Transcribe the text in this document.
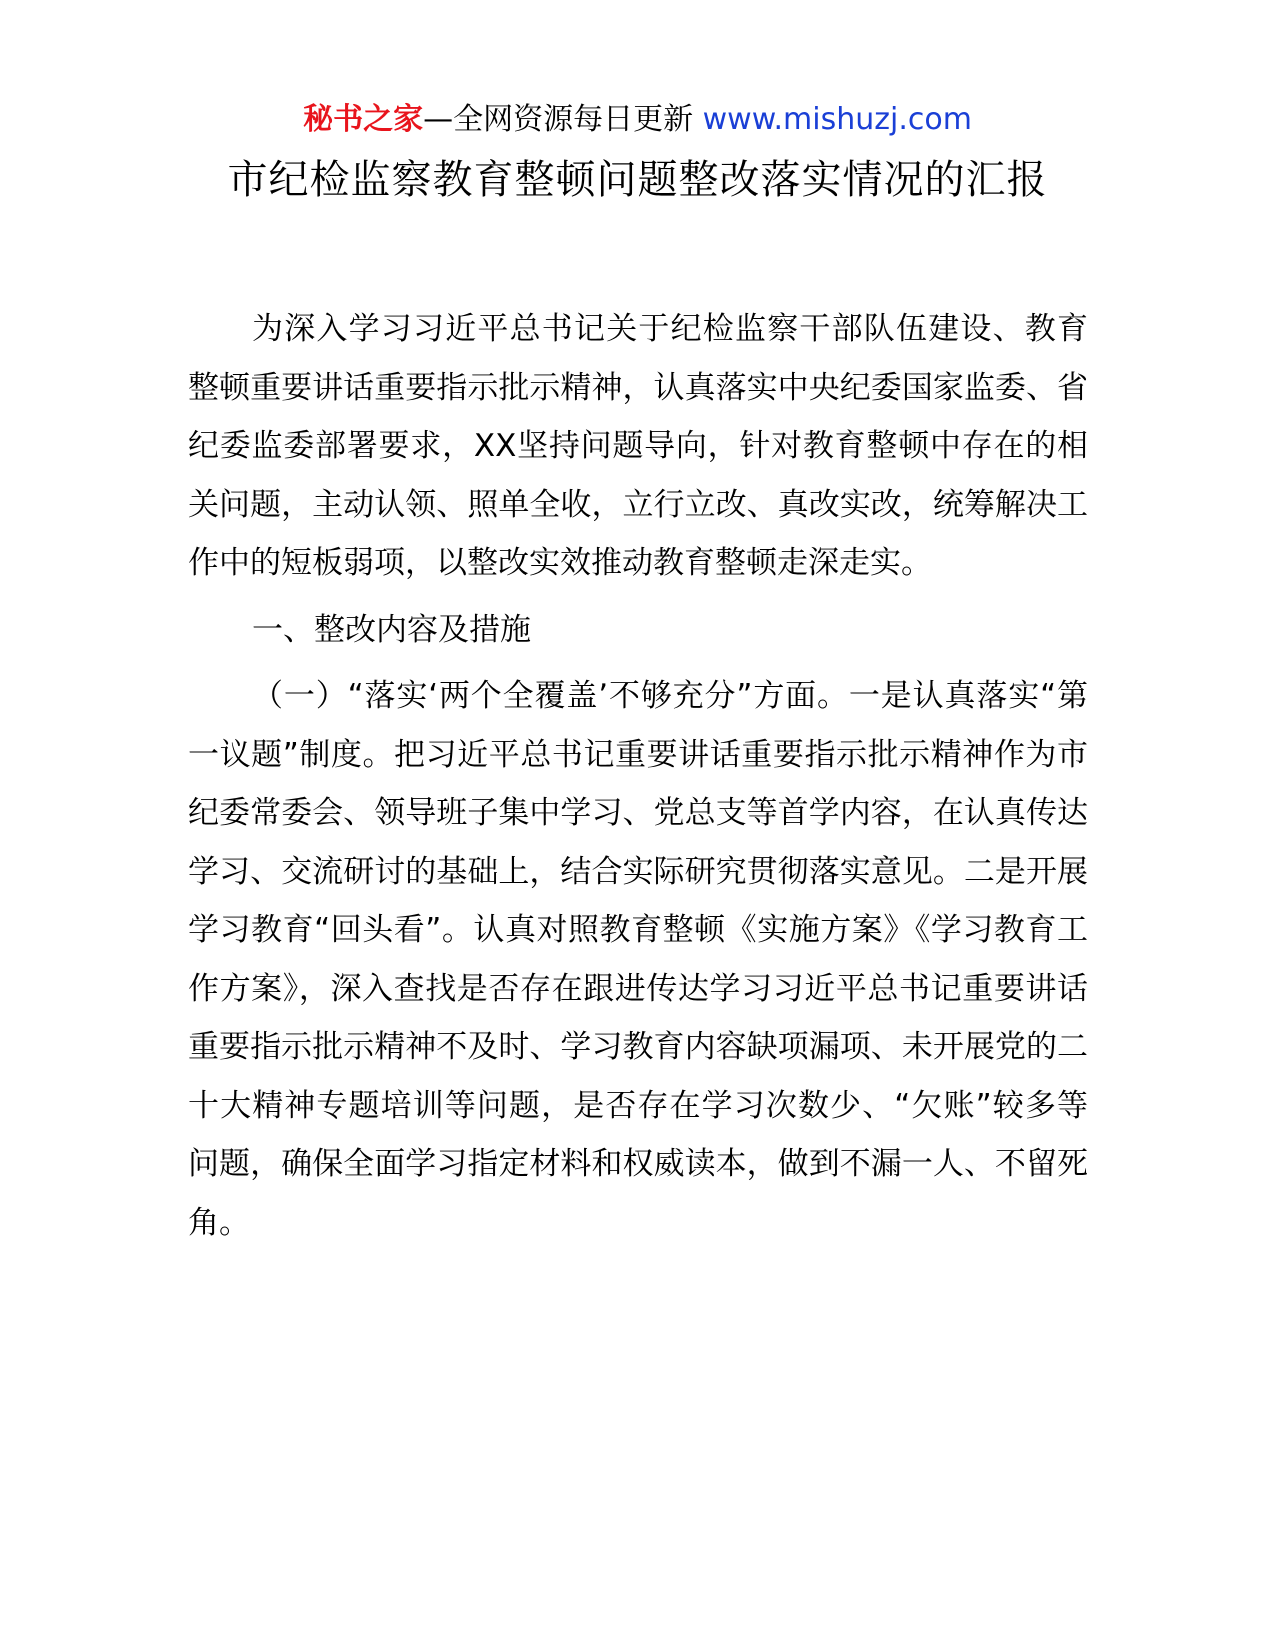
秘书之家—全网资源每日更新 www.mishuzj.com
市纪检监察教育整顿问题整改落实情况的汇报

为深入学习习近平总书记关于纪检监察干部队伍建设、教育整顿重要讲话重要指示批示精神，认真落实中央纪委国家监委、省纪委监委部署要求，XX坚持问题导向，针对教育整顿中存在的相关问题，主动认领、照单全收，立行立改、真改实改，统筹解决工作中的短板弱项，以整改实效推动教育整顿走深走实。

一、整改内容及措施

（一）“落实‘两个全覆盖’不够充分”方面。一是认真落实“第一议题”制度。把习近平总书记重要讲话重要指示批示精神作为市纪委常委会、领导班子集中学习、党总支等首学内容，在认真传达学习、交流研讨的基础上，结合实际研究贯彻落实意见。二是开展学习教育“回头看”。认真对照教育整顿《实施方案》《学习教育工作方案》，深入查找是否存在跟进传达学习习近平总书记重要讲话重要指示批示精神不及时、学习教育内容缺项漏项、未开展党的二十大精神专题培训等问题，是否存在学习次数少、“欠账”较多等问题，确保全面学习指定材料和权威读本，做到不漏一人、不留死角。
